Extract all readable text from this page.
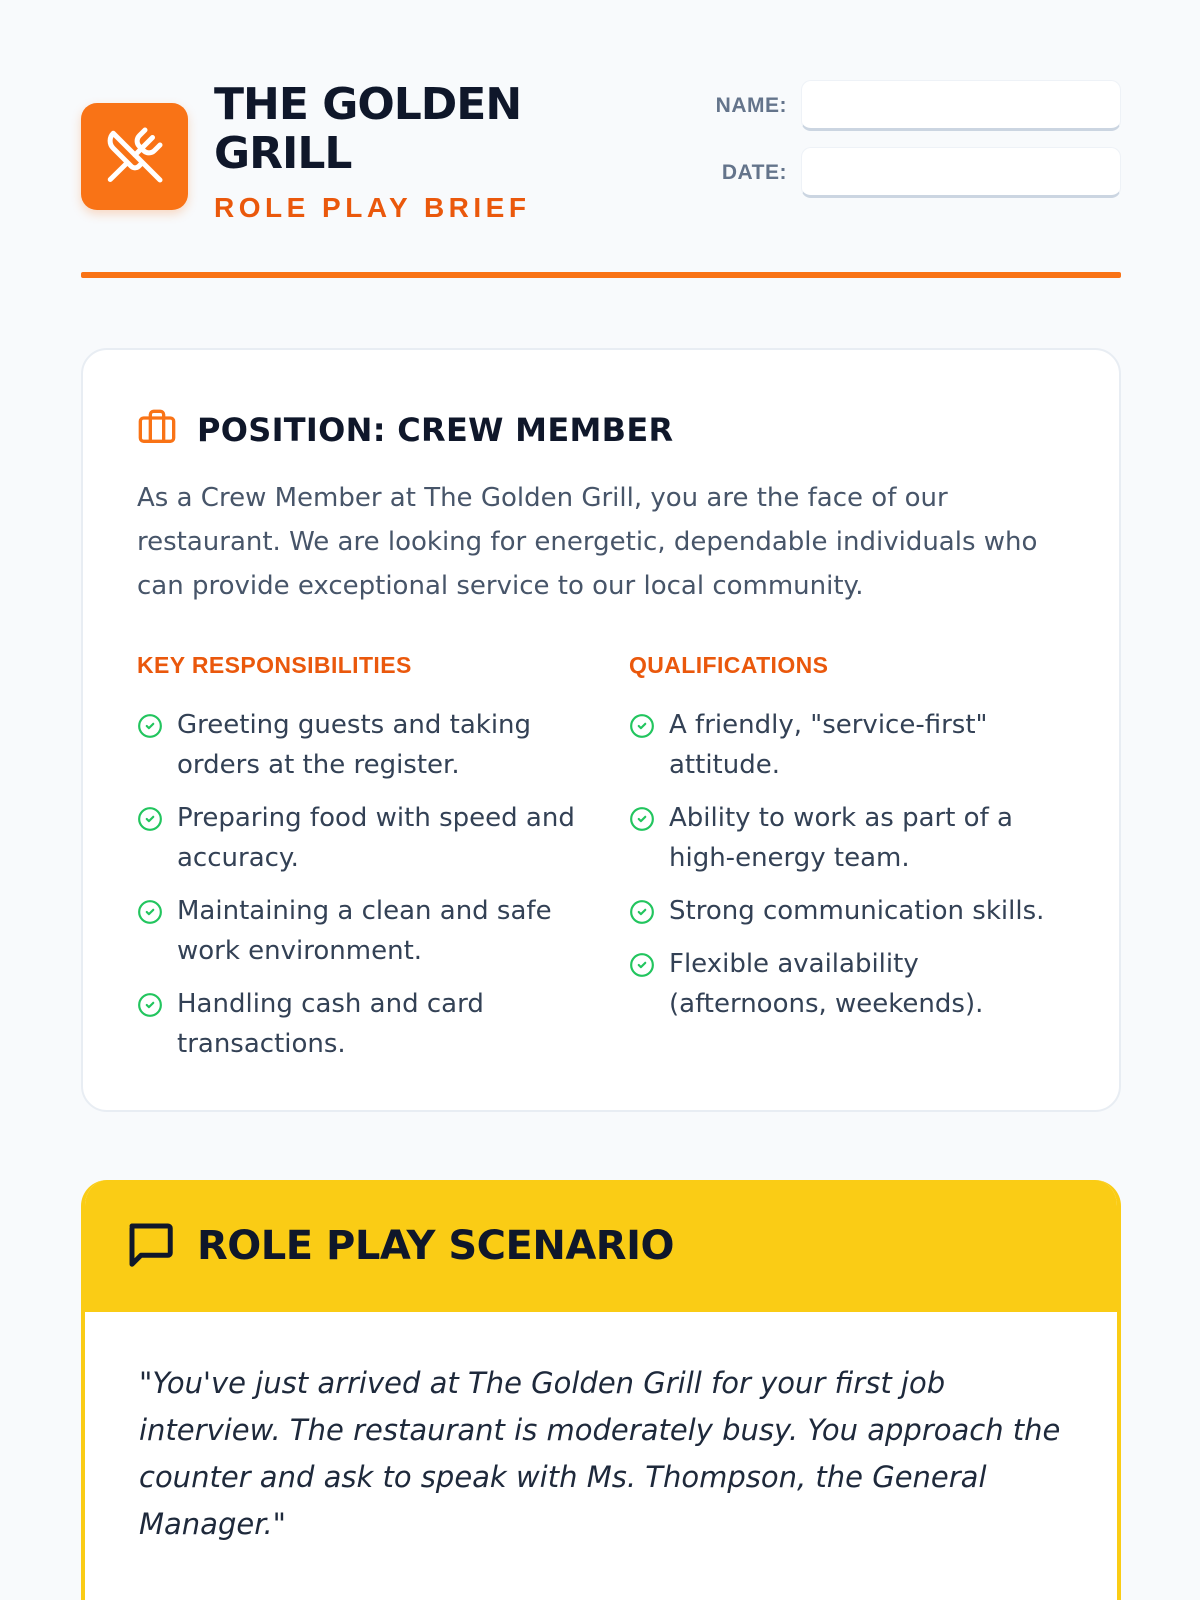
THE GOLDEN GRILL
ROLE PLAY BRIEF
NAME:
DATE:
POSITION: CREW MEMBER

As a Crew Member at The Golden Grill, you are the face of our restaurant. We are looking for energetic, dependable individuals who can provide exceptional service to our local community.

KEY RESPONSIBILITIES
Greeting guests and taking orders at the register.
Preparing food with speed and accuracy.
Maintaining a clean and safe work environment.
Handling cash and card transactions.
QUALIFICATIONS
A friendly, "service-first" attitude.
Ability to work as part of a high-energy team.
Strong communication skills.
Flexible availability (afternoons, weekends).
ROLE PLAY SCENARIO

"You've just arrived at The Golden Grill for your first job interview. The restaurant is moderately busy. You approach the counter and ask to speak with Ms. Thompson, the General Manager."
